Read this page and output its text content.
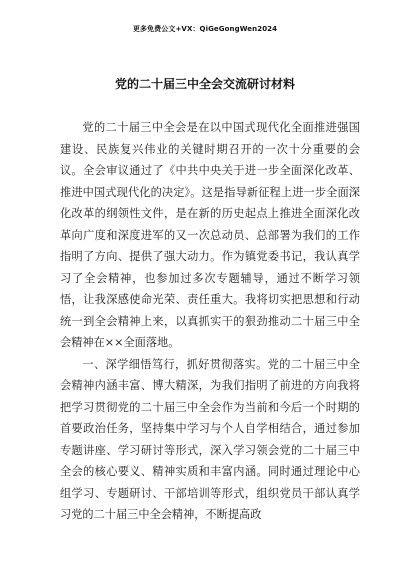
更多免费公文+VX：QiGeGongWen2024
党的二十届三中全会交流研讨材料

党的二十届三中全会是在以中国式现代化全面推进强国建设、民族复兴伟业的关键时期召开的一次十分重要的会议。全会审议通过了《中共中央关于进一步全面深化改革、推进中国式现代化的决定》。这是指导新征程上进一步全面深化改革的纲领性文件，是在新的历史起点上推进全面深化改革向广度和深度进军的又一次总动员、总部署为我们的工作指明了方向、提供了强大动力。作为镇党委书记，我认真学习了全会精神，也参加过多次专题辅导，通过不断学习领悟，让我深感使命光荣、责任重大。我将切实把思想和行动统一到全会精神上来，以真抓实干的狠劲推动二十届三中全会精神在××全面落地。

一、深学细悟笃行，抓好贯彻落实。党的二十届三中全会精神内涵丰富、博大精深，为我们指明了前进的方向我将把学习贯彻党的二十届三中全会作为当前和今后一个时期的首要政治任务，坚持集中学习与个人自学相结合，通过参加专题讲座、学习研讨等形式，深入学习领会党的二十届三中全会的核心要义、精神实质和丰富内涵。同时通过理论中心组学习、专题研讨、干部培训等形式，组织党员干部认真学习党的二十届三中全会精神，不断提高政
